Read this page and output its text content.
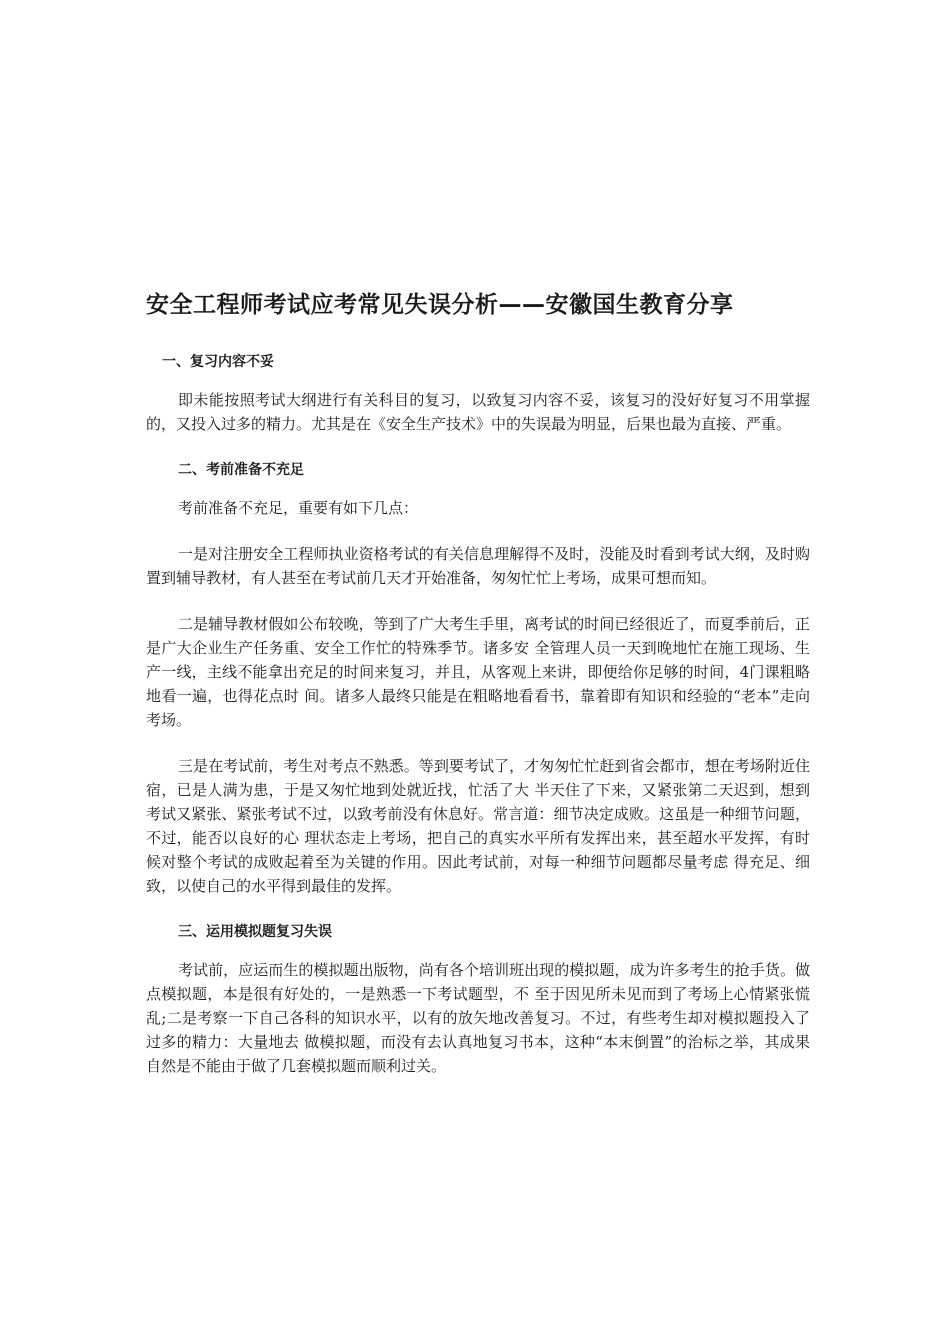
安全工程师考试应考常见失误分析——安徽国生教育分享
一、复习内容不妥

即未能按照考试大纲进行有关科目的复习，以致复习内容不妥，该复习的没好好复习不用掌握的，又投入过多的精力。尤其是在《安全生产技术》中的失误最为明显，后果也最为直接、严重。

二、考前准备不充足

考前准备不充足，重要有如下几点：

一是对注册安全工程师执业资格考试的有关信息理解得不及时，没能及时看到考试大纲，及时购置到辅导教材，有人甚至在考试前几天才开始准备，匆匆忙忙上考场，成果可想而知。

二是辅导教材假如公布较晚，等到了广大考生手里，离考试的时间已经很近了，而夏季前后，正是广大企业生产任务重、安全工作忙的特殊季节。诸多安 全管理人员一天到晚地忙在施工现场、生产一线，主线不能拿出充足的时间来复习，并且，从客观上来讲，即便给你足够的时间，4门课粗略地看一遍，也得花点时 间。诸多人最终只能是在粗略地看看书，靠着即有知识和经验的“老本”走向考场。

三是在考试前，考生对考点不熟悉。等到要考试了，才匆匆忙忙赶到省会都市，想在考场附近住宿，已是人满为患，于是又匆忙地到处就近找，忙活了大 半天住了下来，又紧张第二天迟到，想到考试又紧张、紧张考试不过，以致考前没有休息好。常言道：细节决定成败。这虽是一种细节问题，不过，能否以良好的心 理状态走上考场，把自己的真实水平所有发挥出来，甚至超水平发挥，有时候对整个考试的成败起着至为关键的作用。因此考试前，对每一种细节问题都尽量考虑 得充足、细致，以使自己的水平得到最佳的发挥。

三、运用模拟题复习失误

考试前，应运而生的模拟题出版物，尚有各个培训班出现的模拟题，成为许多考生的抢手货。做点模拟题，本是很有好处的，一是熟悉一下考试题型，不 至于因见所未见而到了考场上心情紧张慌乱;二是考察一下自己各科的知识水平，以有的放矢地改善复习。不过，有些考生却对模拟题投入了过多的精力：大量地去 做模拟题，而没有去认真地复习书本，这种“本末倒置”的治标之举，其成果自然是不能由于做了几套模拟题而顺利过关。
